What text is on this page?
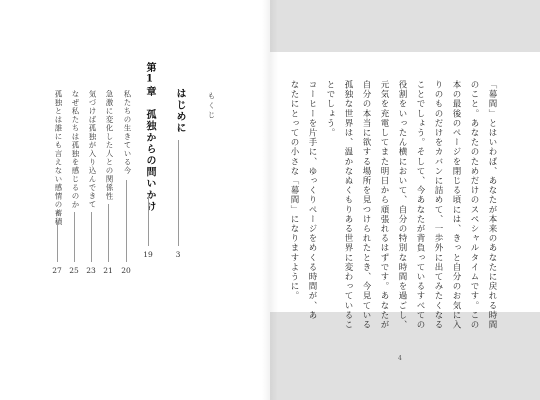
もくじ
はじめに
3
第1章　孤独からの問いかけ
19
私たちの生きている今
20
急激に変化した人との関係性
21
気づけば孤独が入り込んできて
23
なぜ私たちは孤独を感じるのか
25
孤独とは誰にも言えない感情の蓄積
27	「幕間」とはいわば、あなたが本来のあなたに戻れる時間
のこと。あなたのためだけのスペシャルタイムです。この
本の最後のページを閉じる頃には、きっと自分のお気に入
りのものだけをカバンに詰めて、一歩外に出てみたくなる
ことでしょう。そして、今あなたが背負っているすべての
役割をいったん横において、自分の特別な時間を過ごし、
元気を充電してまた明日から頑張れるはずです。あなたが
自分の本当に欲する場所を見つけられたとき、今見ている
孤独な世界は、温かなぬくもりある世界に変わっているこ
とでしょう。
コーヒーを片手に、ゆっくりページをめくる時間が、あ
なたにとっての小さな「幕間」になりますように。
4
